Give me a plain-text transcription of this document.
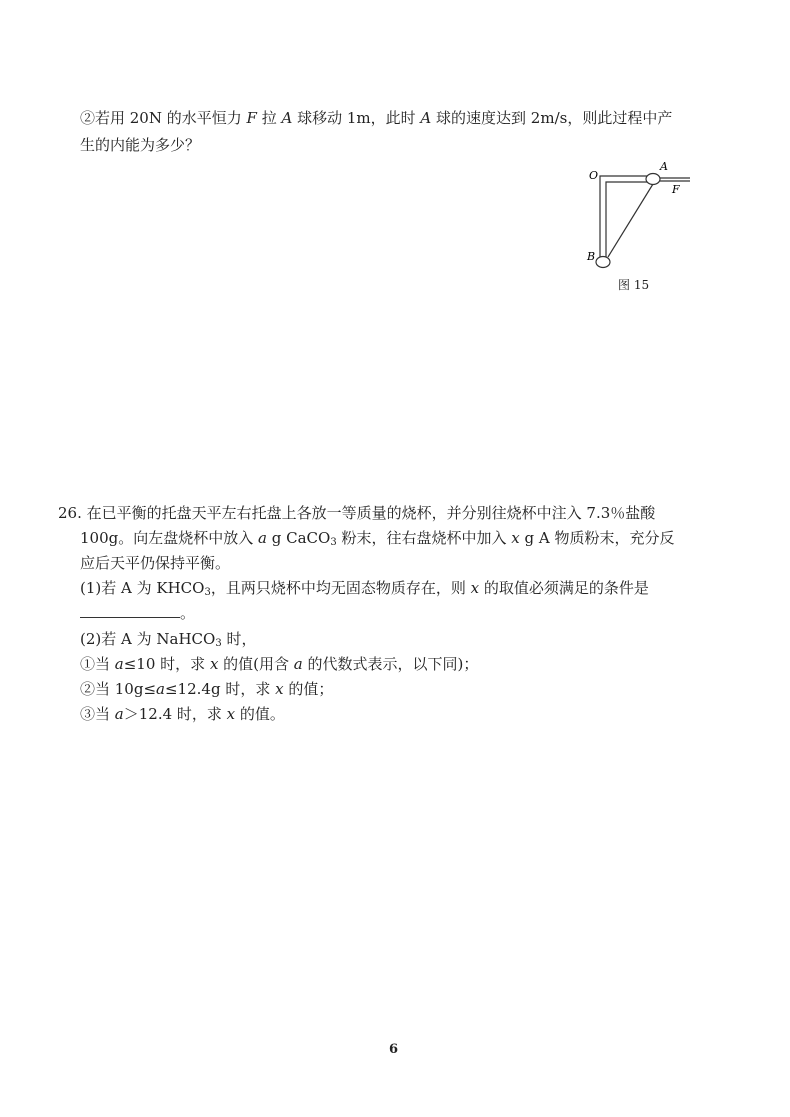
②若用 20N 的水平恒力 F 拉 A 球移动 1m，此时 A 球的速度达到 2m/s，则此过程中产
生的内能为多少？
O
A
F
B
图 15
26. 在已平衡的托盘天平左右托盘上各放一等质量的烧杯，并分别往烧杯中注入 7.3％盐酸
100g。向左盘烧杯中放入 a g CaCO$_3$ 粉末，往右盘烧杯中加入 x g A 物质粉末，充分反
应后天平仍保持平衡。
(1)若 A 为 $KHCO_3$，且两只烧杯中均无固态物质存在，则 x 的取值必须满足的条件是
。
(2)若 A 为 NaHCO$_3$ 时，
①当 a≤10 时，求 x 的值(用含 a 的代数式表示，以下同)；
②当 10g≤a≤12.4g 时，求 x 的值；
③当 a＞12.4 时，求 x 的值。
6
